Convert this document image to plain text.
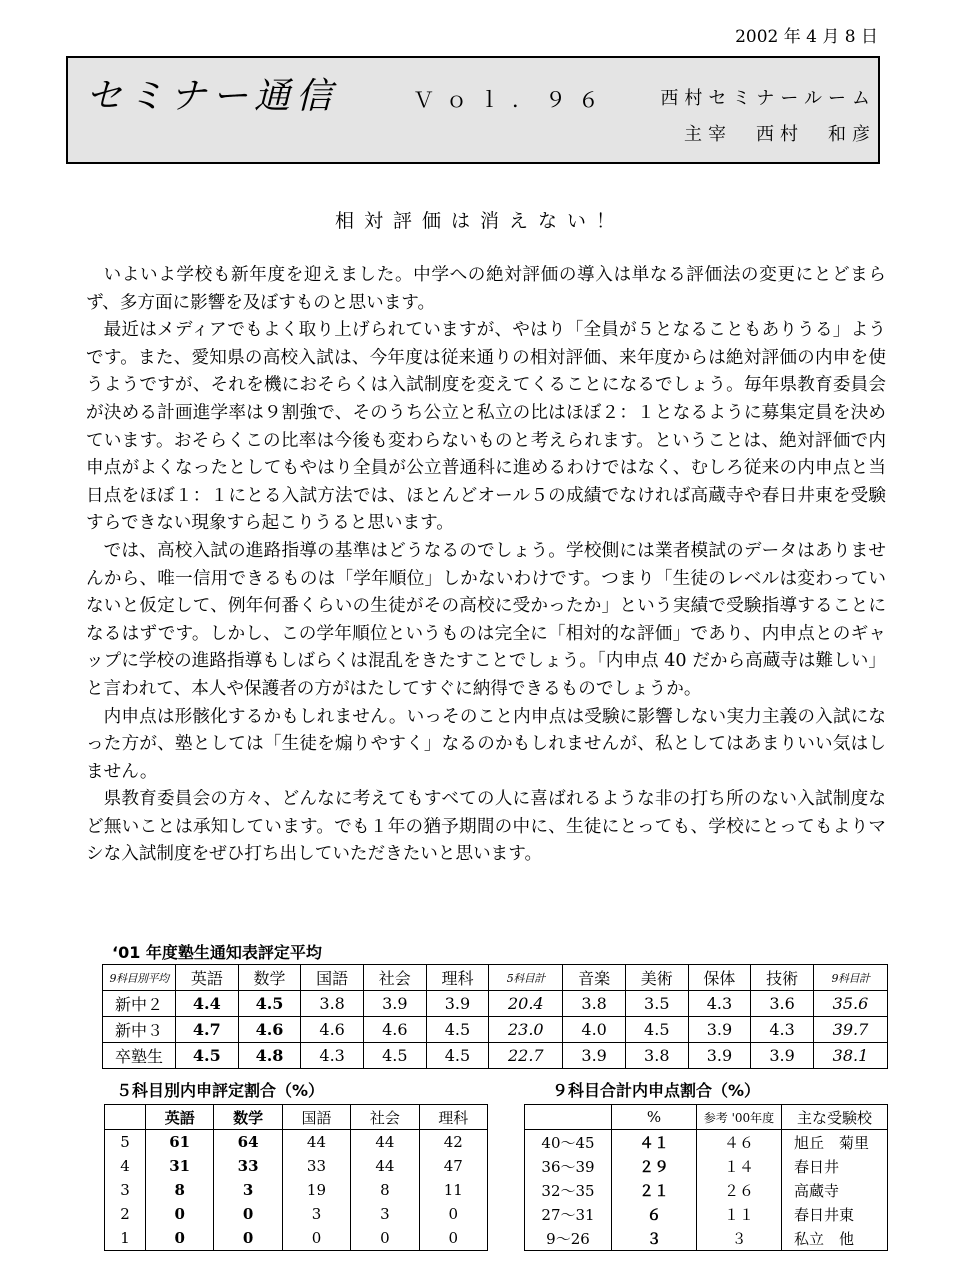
2002 年 4 月 8 日
セミナー通信	Ｖｏｌ．９６	西村セミナールーム
主宰　西村　和彦
相対評価は消えない！

いよいよ学校も新年度を迎えました。中学への絶対評価の導入は単なる評価法の変更にとどまらず、多方面に影響を及ぼすものと思います。

最近はメディアでもよく取り上げられていますが、やはり「全員が５となることもありうる」ようです。また、愛知県の高校入試は、今年度は従来通りの相対評価、来年度からは絶対評価の内申を使うようですが、それを機におそらくは入試制度を変えてくることになるでしょう。毎年県教育委員会が決める計画進学率は９割強で、そのうち公立と私立の比はほぼ２：１となるように募集定員を決めています。おそらくこの比率は今後も変わらないものと考えられます。ということは、絶対評価で内申点がよくなったとしてもやはり全員が公立普通科に進めるわけではなく、むしろ従来の内申点と当日点をほぼ１：１にとる入試方法では、ほとんどオール５の成績でなければ高蔵寺や春日井東を受験すらできない現象すら起こりうると思います。

では、高校入試の進路指導の基準はどうなるのでしょう。学校側には業者模試のデータはありませんから、唯一信用できるものは「学年順位」しかないわけです。つまり「生徒のレベルは変わっていないと仮定して、例年何番くらいの生徒がその高校に受かったか」という実績で受験指導することになるはずです。しかし、この学年順位というものは完全に「相対的な評価」であり、内申点とのギャップに学校の進路指導もしばらくは混乱をきたすことでしょう。「内申点 40 だから高蔵寺は難しい」と言われて、本人や保護者の方がはたしてすぐに納得できるものでしょうか。

内申点は形骸化するかもしれません。いっそのこと内申点は受験に影響しない実力主義の入試になった方が、塾としては「生徒を煽りやすく」なるのかもしれませんが、私としてはあまりいい気はしません。

県教育委員会の方々、どんなに考えてもすべての人に喜ばれるような非の打ち所のない入試制度など無いことは承知しています。でも１年の猶予期間の中に、生徒にとっても、学校にとってもよりマシな入試制度をぜひ打ち出していただきたいと思います。

‘01 年度塾生通知表評定平均
9科目別平均	英語	数学	国語	社会	理科	5科目計	音楽	美術	保体	技術	9科目計
新中２	4.4	4.5	3.8	3.9	3.9	20.4	3.8	3.5	4.3	3.6	35.6
新中３	4.7	4.6	4.6	4.6	4.5	23.0	4.0	4.5	3.9	4.3	39.7
卒塾生	4.5	4.8	4.3	4.5	4.5	22.7	3.9	3.8	3.9	3.9	38.1
５科目別内申評定割合（%）
	英語	数学	国語	社会	理科
5	61	64	44	44	42
4	31	33	33	44	47
3	8	3	19	8	11
2	0	0	3	3	0
1	0	0	0	0	0
９科目合計内申点割合（%）
	%	参考 '00年度	主な受験校
40〜45	４１	４６	旭丘　菊里
36〜39	２９	１４	春日井
32〜35	２１	２６	高蔵寺
27〜31	６	１１	春日井東
9〜26	３	３	私立　他
